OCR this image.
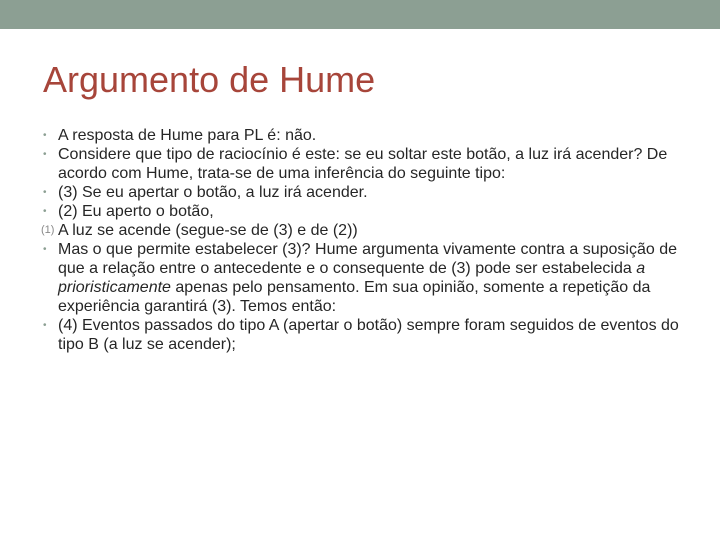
Argumento de Hume
• A resposta de Hume para PL é: não.
• Considere que tipo de raciocínio é este: se eu soltar este botão, a luz irá acender? De acordo com Hume, trata-se de uma inferência do seguinte tipo:
• (3) Se eu apertar o botão, a luz irá acender.
• (2) Eu aperto o botão,
(1) A luz se acende (segue-se de (3) e de (2))
• Mas o que permite estabelecer (3)? Hume argumenta vivamente contra a suposição de que a relação entre o antecedente e o consequente de (3) pode ser estabelecida a prioristicamente apenas pelo pensamento. Em sua opinião, somente a repetição da experiência garantirá (3). Temos então:
• (4) Eventos passados do tipo A (apertar o botão) sempre foram seguidos de eventos do tipo B (a luz se acender);
